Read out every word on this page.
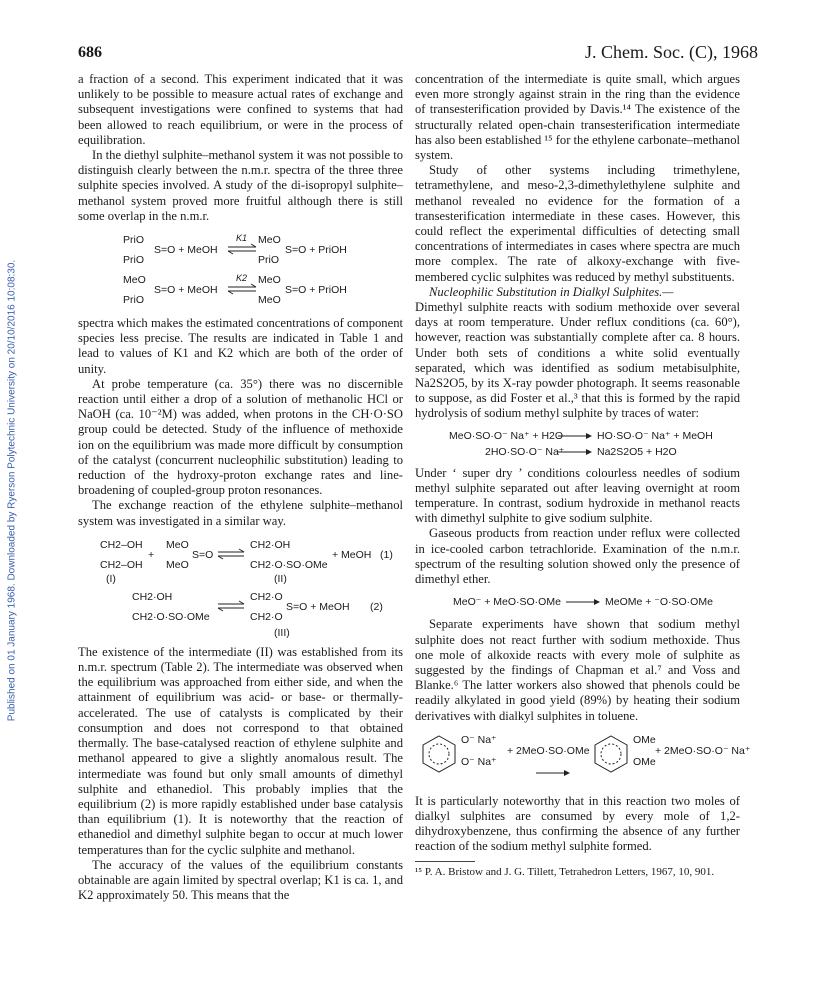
Published on 01 January 1968. Downloaded by Ryerson Polytechnic University on 20/10/2016 10:08:30.
686	J. Chem. Soc. (C), 1968

a fraction of a second. This experiment indicated that it was unlikely to be possible to measure actual rates of exchange and subsequent investigations were confined to systems that had been allowed to reach equilibrium, or were in the process of equilibration.

In the diethyl sulphite–methanol system it was not possible to distinguish clearly between the n.m.r. spectra of the three three sulphite species involved. A study of the di-isopropyl sulphite–methanol system proved more fruitful although there is still some overlap in the n.m.r.

PriO
PriO
S=O + MeOH
K1 MeO
PriO
S=O + PriOH
MeO
PriO
S=O + MeOH
K2 MeO
MeO
S=O + PriOH

spectra which makes the estimated concentrations of component species less precise. The results are indicated in Table 1 and lead to values of K1 and K2 which are both of the order of unity.

At probe temperature (ca. 35°) there was no discernible reaction until either a drop of a solution of methanolic HCl or NaOH (ca. 10⁻²M) was added, when protons in the CH·O·SO group could be detected. Study of the influence of methoxide ion on the equilibrium was made more difficult by consumption of the catalyst (concurrent nucleophilic substitution) leading to reduction of the hydroxy-proton exchange rates and line-broadening of coupled-group proton resonances.

The exchange reaction of the ethylene sulphite–methanol system was investigated in a similar way.

CH2–OH
CH2–OH
+
MeO
MeO
S=O ⇌
CH2·OH
CH2·O·SO·OMe
+ MeOH (1)
(I)	(II)
CH2·OH
CH2·O·SO·OMe
CH2·O
CH2·O
S=O + MeOH (2)
(III)

The existence of the intermediate (II) was established from its n.m.r. spectrum (Table 2). The intermediate was observed when the equilibrium was approached from either side, and when the attainment of equilibrium was acid- or base- or thermally-accelerated. The use of catalysts is complicated by their consumption and does not correspond to that obtained thermally. The base-catalysed reaction of ethylene sulphite and methanol appeared to give a slightly anomalous result. The intermediate was found but only small amounts of dimethyl sulphite and ethanediol. This probably implies that the equilibrium (2) is more rapidly established under base catalysis than equilibrium (1). It is noteworthy that the reaction of ethanediol and dimethyl sulphite began to occur at much lower temperatures than for the cyclic sulphite and methanol.

The accuracy of the values of the equilibrium constants obtainable are again limited by spectral overlap; K1 is ca. 1, and K2 approximately 50. This means that the

concentration of the intermediate is quite small, which argues even more strongly against strain in the ring than the evidence of transesterification provided by Davis.¹⁴ The existence of the structurally related open-chain transesterification intermediate has also been established ¹⁵ for the ethylene carbonate–methanol system.

Study of other systems including trimethylene, tetramethylene, and meso-2,3-dimethylethylene sulphite and methanol revealed no evidence for the formation of a transesterification intermediate in these cases. However, this could reflect the experimental difficulties of detecting small concentrations of intermediates in cases where spectra are much more complex. The rate of alkoxy-exchange with five-membered cyclic sulphites was reduced by methyl substituents.

Nucleophilic Substitution in Dialkyl Sulphites.—

Dimethyl sulphite reacts with sodium methoxide over several days at room temperature. Under reflux conditions (ca. 60°), however, reaction was substantially complete after ca. 8 hours. Under both sets of conditions a white solid eventually separated, which was identified as sodium metabisulphite, Na2S2O5, by its X-ray powder photograph. It seems reasonable to suppose, as did Foster et al.,³ that this is formed by the rapid hydrolysis of sodium methyl sulphite by traces of water:

MeO·SO·O⁻ Na⁺ + H2O → HO·SO·O⁻ Na⁺ + MeOH
2HO·SO·O⁻ Na⁺ → Na2S2O5 + H2O

Under ‘ super dry ’ conditions colourless needles of sodium methyl sulphite separated out after leaving overnight at room temperature. In contrast, sodium hydroxide in methanol reacts with dimethyl sulphite to give sodium sulphite.

Gaseous products from reaction under reflux were collected in ice-cooled carbon tetrachloride. Examination of the n.m.r. spectrum of the resulting solution showed only the presence of dimethyl ether.

MeO⁻ + MeO·SO·OMe → MeOMe + ⁻O·SO·OMe

Separate experiments have shown that sodium methyl sulphite does not react further with sodium methoxide. Thus one mole of alkoxide reacts with every mole of sulphite as suggested by the findings of Chapman et al.⁷ and Voss and Blanke.⁶ The latter workers also showed that phenols could be readily alkylated in good yield (89%) by heating their sodium derivatives with dialkyl sulphites in toluene.

O⁻ Na⁺
O⁻ Na⁺
+ 2MeO·SO·OMe
OMe
OMe
+ 2MeO·SO·O⁻ Na⁺

It is particularly noteworthy that in this reaction two moles of dialkyl sulphites are consumed by every mole of 1,2-dihydroxybenzene, thus confirming the absence of any further reaction of the sodium methyl sulphite formed.

¹⁵ P. A. Bristow and J. G. Tillett, Tetrahedron Letters, 1967, 10, 901.
